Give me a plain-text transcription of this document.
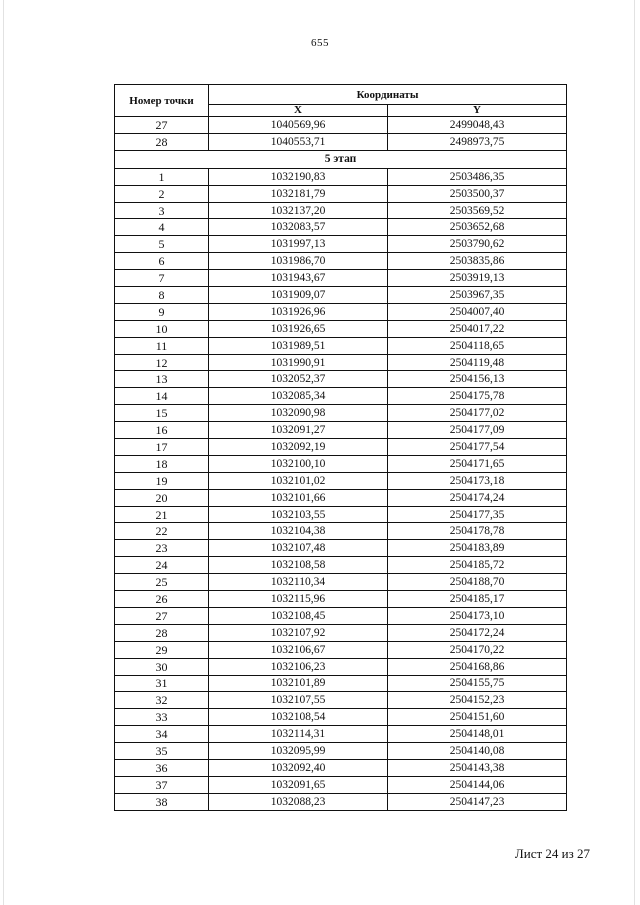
655
Номер точки	Координаты	
	X	Y
27	1040569,96	2499048,43
28	1040553,71	2498973,75
5 этап		
1	1032190,83	2503486,35
2	1032181,79	2503500,37
3	1032137,20	2503569,52
4	1032083,57	2503652,68
5	1031997,13	2503790,62
6	1031986,70	2503835,86
7	1031943,67	2503919,13
8	1031909,07	2503967,35
9	1031926,96	2504007,40
10	1031926,65	2504017,22
11	1031989,51	2504118,65
12	1031990,91	2504119,48
13	1032052,37	2504156,13
14	1032085,34	2504175,78
15	1032090,98	2504177,02
16	1032091,27	2504177,09
17	1032092,19	2504177,54
18	1032100,10	2504171,65
19	1032101,02	2504173,18
20	1032101,66	2504174,24
21	1032103,55	2504177,35
22	1032104,38	2504178,78
23	1032107,48	2504183,89
24	1032108,58	2504185,72
25	1032110,34	2504188,70
26	1032115,96	2504185,17
27	1032108,45	2504173,10
28	1032107,92	2504172,24
29	1032106,67	2504170,22
30	1032106,23	2504168,86
31	1032101,89	2504155,75
32	1032107,55	2504152,23
33	1032108,54	2504151,60
34	1032114,31	2504148,01
35	1032095,99	2504140,08
36	1032092,40	2504143,38
37	1032091,65	2504144,06
38	1032088,23	2504147,23
Лист 24 из 27
